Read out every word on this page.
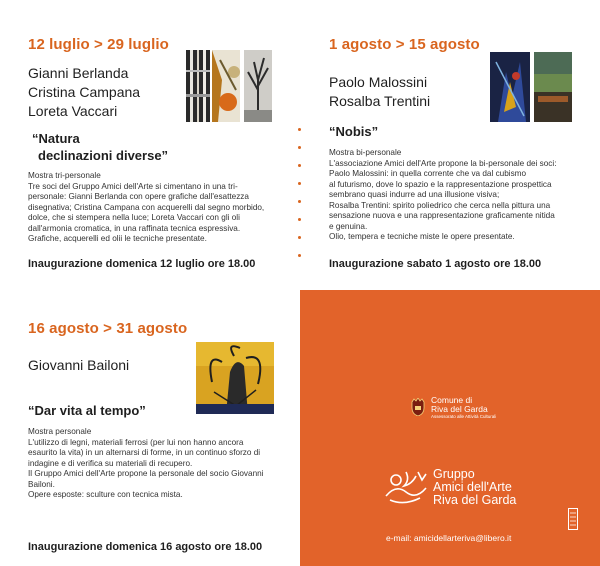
12 luglio > 29 luglio
Gianni Berlanda
Cristina Campana
Loreta Vaccari
“Natura
declinazioni diverse”
Mostra tri-personale
Tre soci del Gruppo Amici dell'Arte si cimentano in una tri-
personale: Gianni Berlanda con opere grafiche dall'esattezza
disegnativa; Cristina Campana con acquerelli dal segno morbido,
dolce, che si stempera nella luce; Loreta Vaccari con gli oli
dall'armonia cromatica, in una raffinata tecnica espressiva.
Grafiche, acquerelli ed olii le tecniche presentate.
Inaugurazione domenica 12 luglio ore 18.00
1 agosto > 15 agosto
Paolo Malossini
Rosalba Trentini
“Nobis”
Mostra bi-personale
L'associazione Amici dell'Arte propone la bi-personale dei soci:
Paolo Malossini: in quella corrente che va dal cubismo
al futurismo, dove lo spazio e la rappresentazione prospettica
sembrano quasi indurre ad una illusione visiva;
Rosalba Trentini: spirito poliedrico che cerca nella pittura una
sensazione nuova e una rappresentazione graficamente nitida
e genuina.
Olio, tempera e tecniche miste le opere presentate.
Inaugurazione sabato 1 agosto ore 18.00
16 agosto > 31 agosto
Giovanni Bailoni
“Dar vita al tempo”
Mostra personale
L'utilizzo di legni, materiali ferrosi (per lui non hanno ancora
esaurito la vita) in un alternarsi di forme, in un continuo sforzo di
indagine e di verifica su materiali di recupero.
Il Gruppo Amici dell'Arte propone la personale del socio Giovanni
Bailoni.
Opere esposte: sculture con tecnica mista.
Inaugurazione domenica 16 agosto ore 18.00
Comune di
Riva del Garda
Assessorato alle Attività Culturali
Gruppo
Amici dell'Arte
Riva del Garda
e-mail: amicidellarteriva@libero.it
